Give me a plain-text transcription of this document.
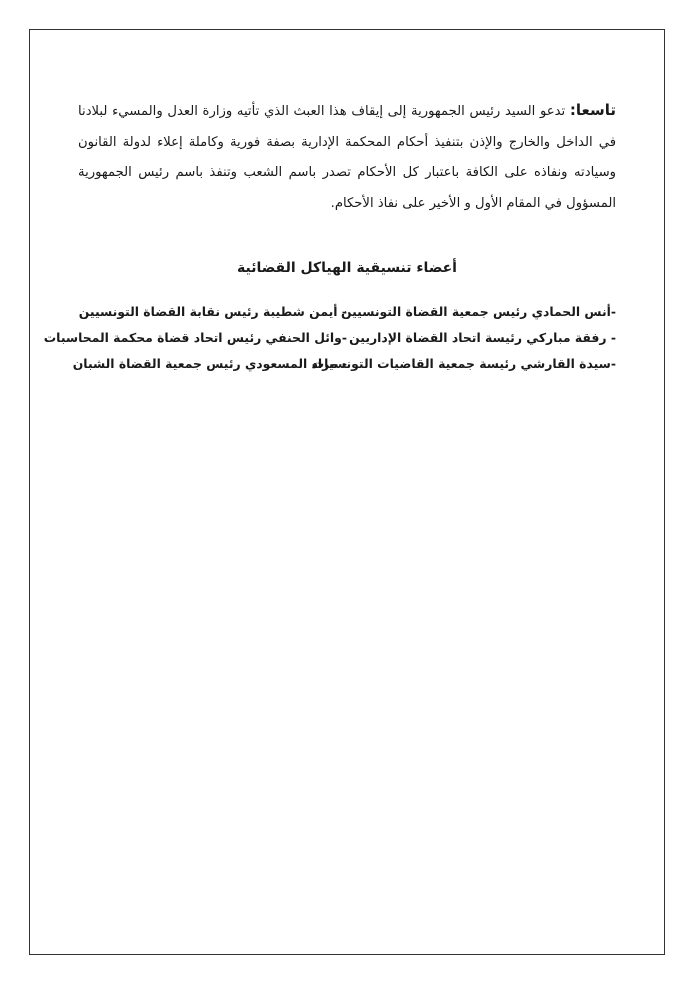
تاسعا: تدعو السيد رئيس الجمهورية إلى إيقاف هذا العبث الذي تأتيه وزارة العدل والمسيء لبلادنا في الداخل والخارج والإذن بتنفيذ أحكام المحكمة الإدارية بصفة فورية وكاملة إعلاء لدولة القانون وسيادته ونفاذه على الكافة باعتبار كل الأحكام تصدر باسم الشعب وتنفذ باسم رئيس الجمهورية المسؤول في المقام الأول و الأخير على نفاذ الأحكام.

أعضاء تنسيقية الهياكل القضائية
-أنس الحمادي رئيس جمعية القضاة التونسيين
- أيمن شطيبة رئيس نقابة القضاة التونسيين
- رفقة مباركي رئيسة اتحاد القضاة الإداريين
-وائل الحنفي رئيس اتحاد قضاة محكمة المحاسبات
-سيدة القارشي رئيسة جمعية القاضيات التونسيات
- مراد المسعودي رئيس جمعية القضاة الشبان
